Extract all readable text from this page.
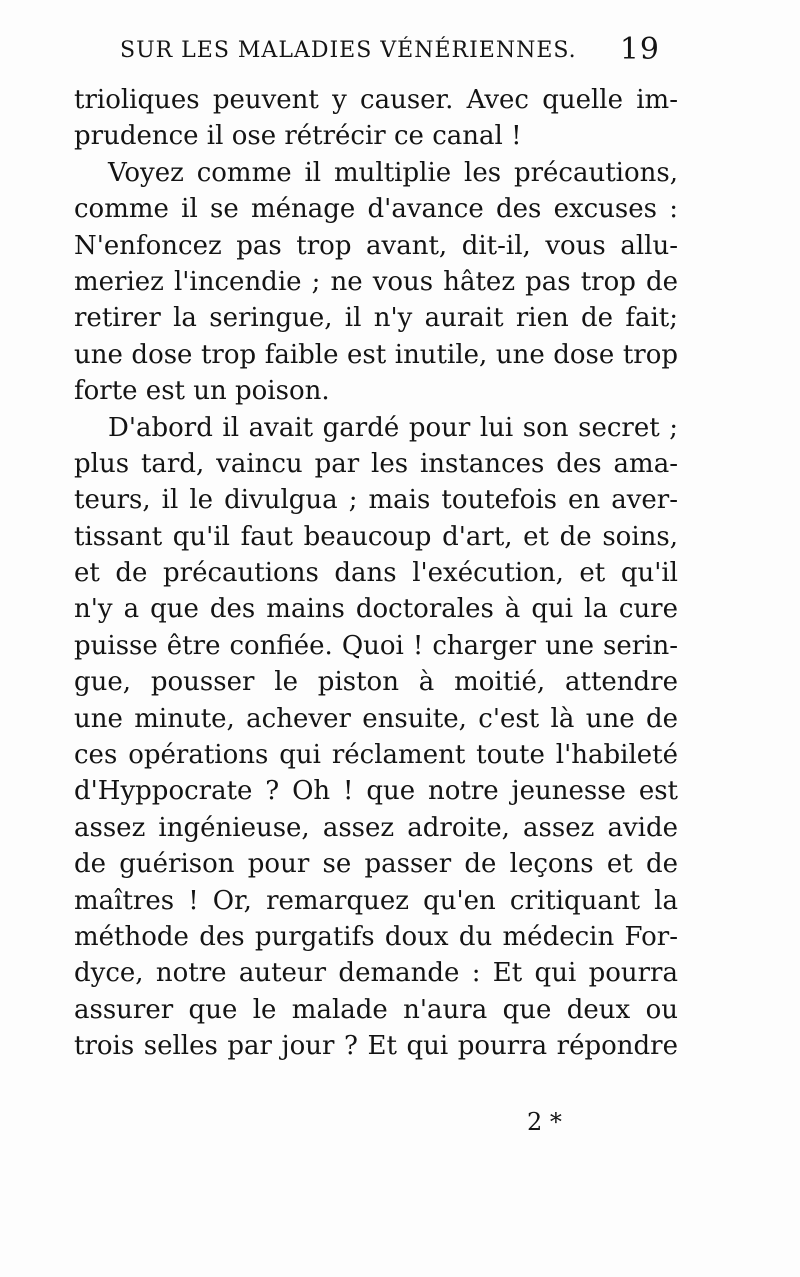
SUR LES MALADIES VÉNÉRIENNES. 19
trioliques peuvent y causer. Avec quelle im-
prudence il ose rétrécir ce canal !
Voyez comme il multiplie les précautions,
comme il se ménage d'avance des excuses :
N'enfoncez pas trop avant, dit-il, vous allu-
meriez l'incendie ; ne vous hâtez pas trop de
retirer la seringue, il n'y aurait rien de fait;
une dose trop faible est inutile, une dose trop
forte est un poison.
D'abord il avait gardé pour lui son secret ;
plus tard, vaincu par les instances des ama-
teurs, il le divulgua ; mais toutefois en aver-
tissant qu'il faut beaucoup d'art, et de soins,
et de précautions dans l'exécution, et qu'il
n'y a que des mains doctorales à qui la cure
puisse être confiée. Quoi ! charger une serin-
gue, pousser le piston à moitié, attendre
une minute, achever ensuite, c'est là une de
ces opérations qui réclament toute l'habileté
d'Hyppocrate ? Oh ! que notre jeunesse est
assez ingénieuse, assez adroite, assez avide
de guérison pour se passer de leçons et de
maîtres ! Or, remarquez qu'en critiquant la
méthode des purgatifs doux du médecin For-
dyce, notre auteur demande : Et qui pourra
assurer que le malade n'aura que deux ou
trois selles par jour ? Et qui pourra répondre
2 *
